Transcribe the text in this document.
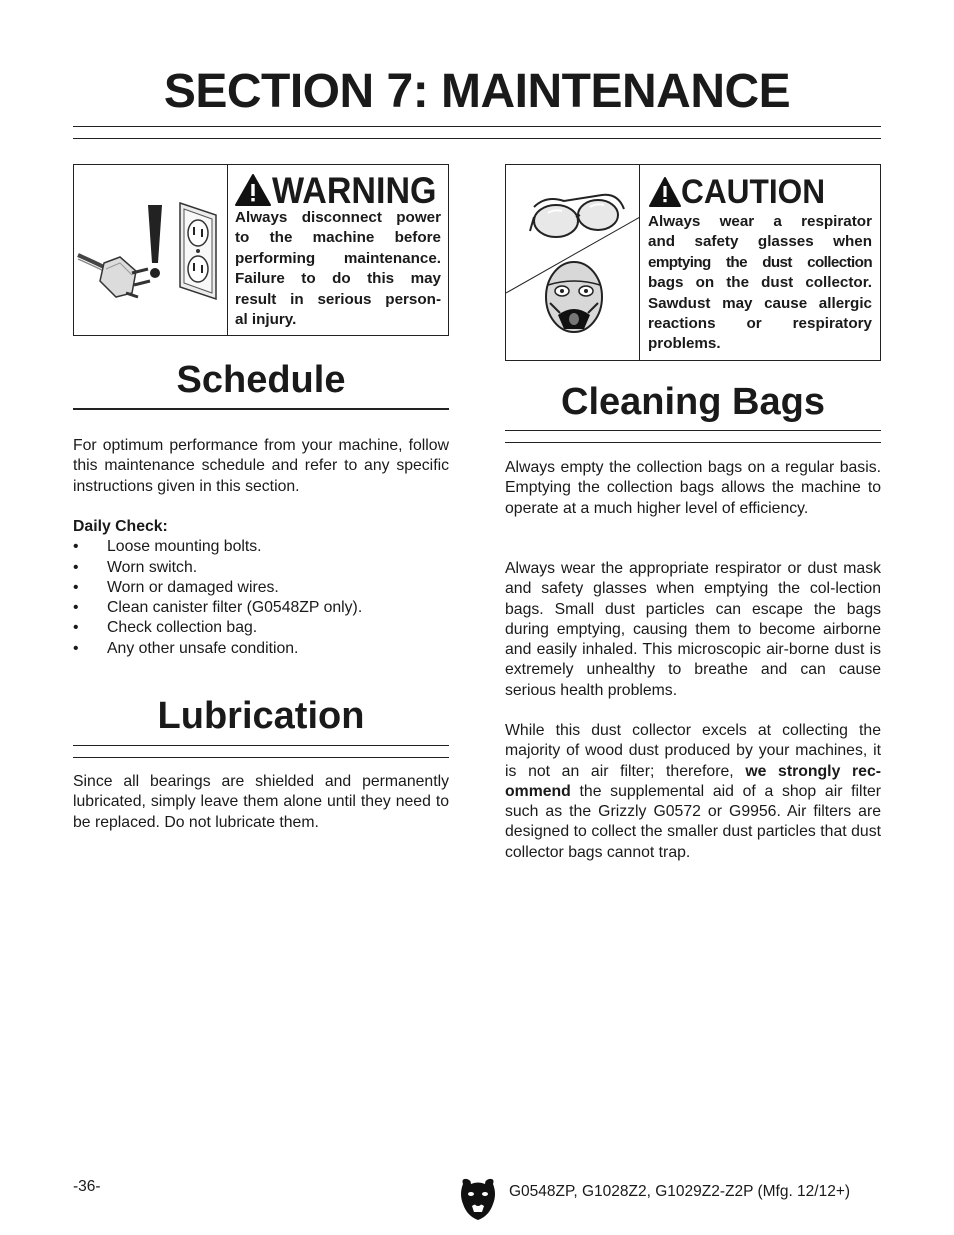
SECTION 7: MAINTENANCE
WARNING
Always disconnect power
to the machine before
performing maintenance.
Failure to do this may
result in serious person-
al injury.
CAUTION
Always wear a respirator
and safety glasses when
emptying the dust collection
bags on the dust collector.
Sawdust may cause allergic
reactions or respiratory
problems.
Schedule
For optimum performance from your machine, follow this maintenance schedule and refer to any specific instructions given in this section.
Daily Check:
• Loose mounting bolts.
• Worn switch.
• Worn or damaged wires.
• Clean canister filter (G0548ZP only).
• Check collection bag.
• Any other unsafe condition.
Lubrication
Since all bearings are shielded and permanently lubricated, simply leave them alone until they need to be replaced. Do not lubricate them.
Cleaning Bags
Always empty the collection bags on a regular basis. Emptying the collection bags allows the machine to operate at a much higher level of efficiency.
Always wear the appropriate respirator or dust mask and safety glasses when emptying the col-lection bags. Small dust particles can escape the bags during emptying, causing them to become airborne and easily inhaled. This microscopic air-borne dust is extremely unhealthy to breathe and can cause serious health problems.
While this dust collector excels at collecting the majority of wood dust produced by your machines, it is not an air filter; therefore, we strongly rec-ommend the supplemental aid of a shop air filter such as the Grizzly G0572 or G9956. Air filters are designed to collect the smaller dust particles that dust collector bags cannot trap.
-36-	G0548ZP, G1028Z2, G1029Z2-Z2P (Mfg. 12/12+)
